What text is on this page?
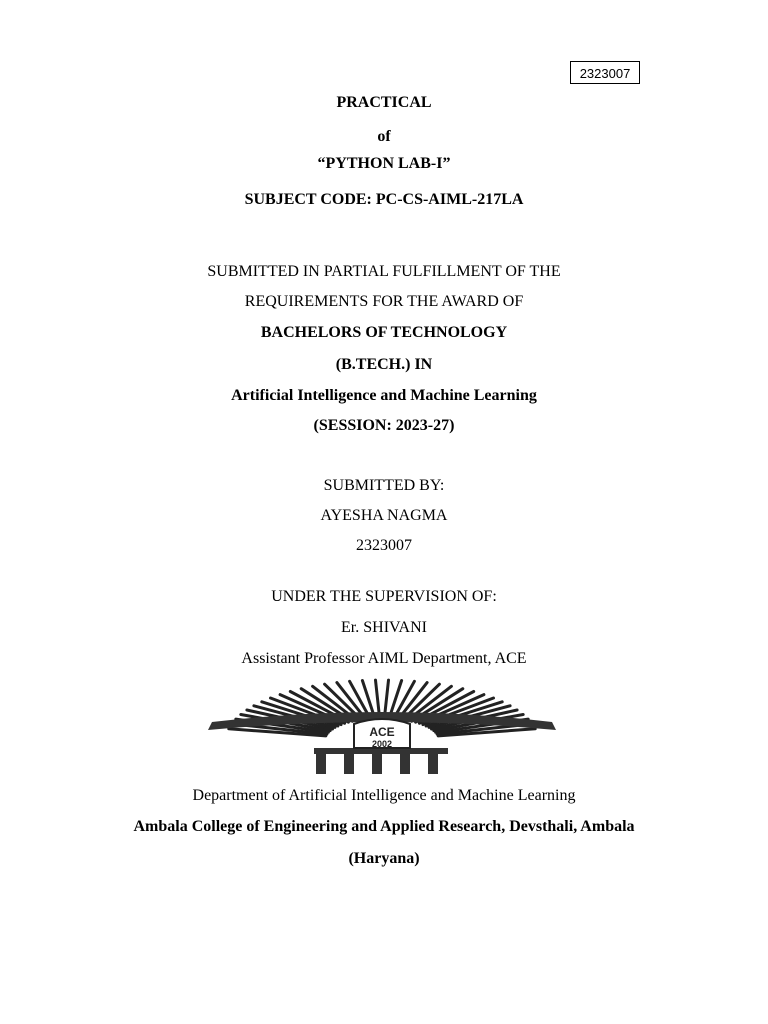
2323007
PRACTICAL
of
“PYTHON LAB-I”
SUBJECT CODE: PC-CS-AIML-217LA
SUBMITTED IN PARTIAL FULFILLMENT OF THE
REQUIREMENTS FOR THE AWARD OF
BACHELORS OF TECHNOLOGY
(B.TECH.) IN
Artificial Intelligence and Machine Learning
(SESSION: 2023-27)
SUBMITTED BY:
AYESHA NAGMA
2323007
UNDER THE SUPERVISION OF:
Er. SHIVANI
Assistant Professor AIML Department, ACE
ACE
2002
Department of Artificial Intelligence and Machine Learning
Ambala College of Engineering and Applied Research, Devsthali, Ambala
(Haryana)
